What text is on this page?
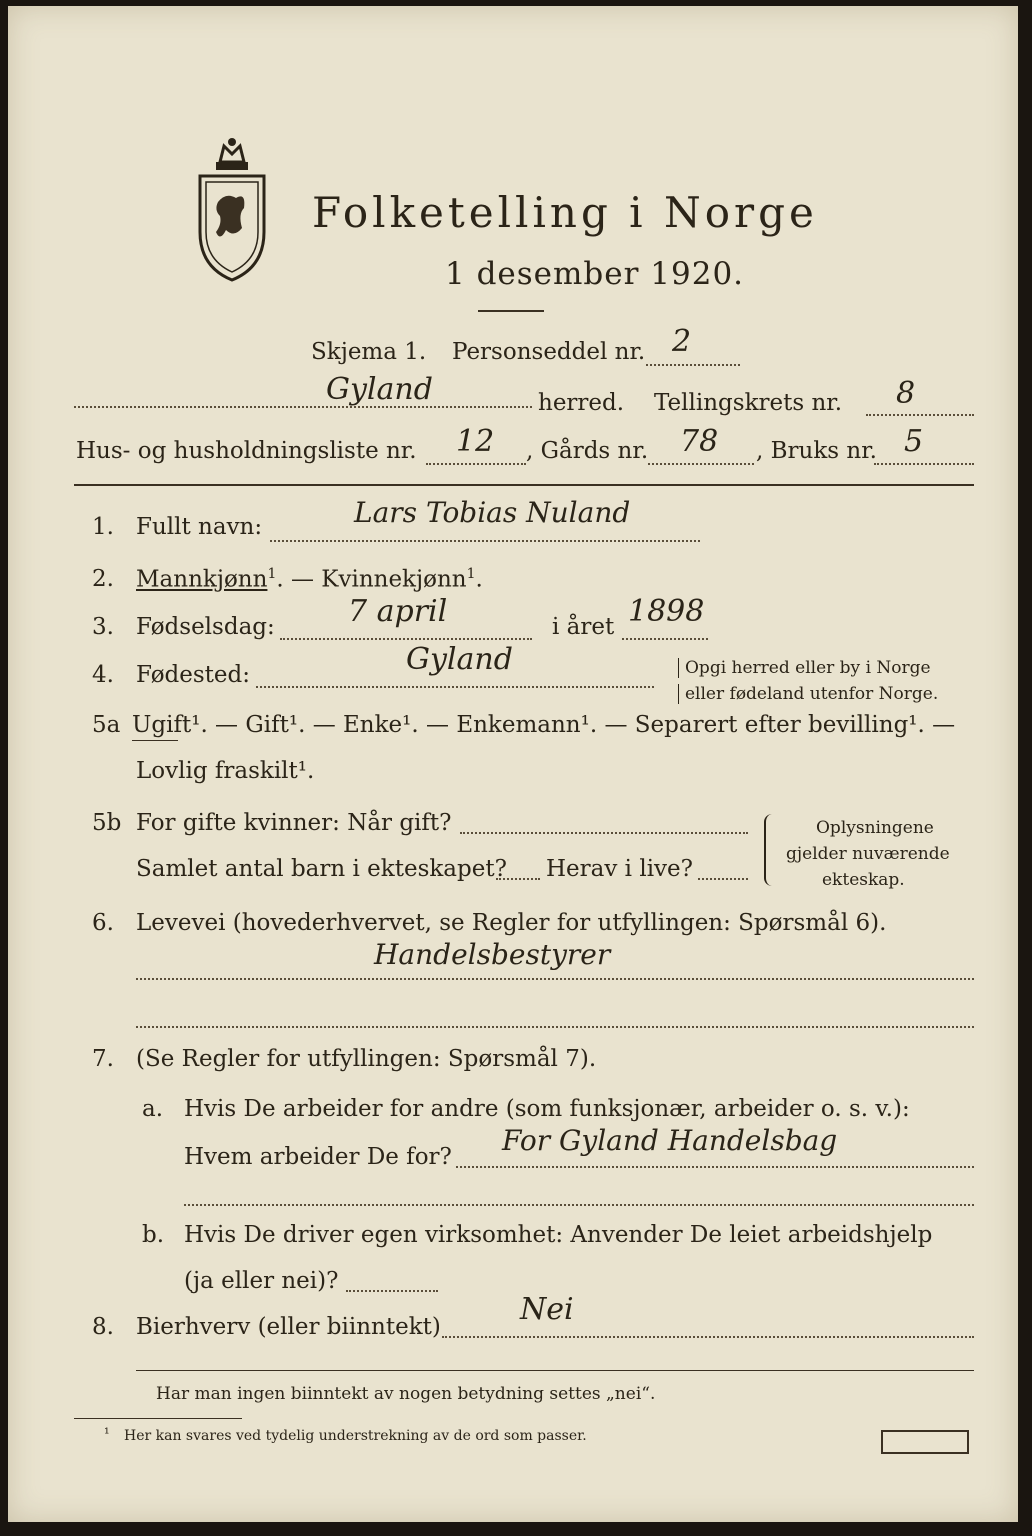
Folketelling i Norge
1 desember 1920.
Skjema 1. Personseddel nr. 2
Gyland	herred. Tellingskrets nr. 8
Hus- og husholdningsliste nr. 12 , Gårds nr. 78 , Bruks nr. 5
1. Fullt navn:	Lars Tobias Nuland
2. Mannkjønn$^1$. — Kvinnekjønn$^1$.
3. Fødselsdag: 7 april	i året 1898
4. Fødested:	Gyland	Opgi herred eller by i Norge
eller fødeland utenfor Norge.
5a Ugift¹. — Gift¹. — Enke¹. — Enkemann¹. — Separert efter bevilling¹. —
Lovlig fraskilt¹.
5b For gifte kvinner: Når gift?
Samlet antal barn i ekteskapet? Herav i live?
Oplysningene
gjelder nuværende
ekteskap.
6. Levevei (hovederhvervet, se Regler for utfyllingen: Spørsmål 6).
Handelsbestyrer
7. (Se Regler for utfyllingen: Spørsmål 7).
a. Hvis De arbeider for andre (som funksjonær, arbeider o. s. v.):
Hvem arbeider De for? For Gyland Handelsbag
b. Hvis De driver egen virksomhet: Anvender De leiet arbeidshjelp
(ja eller nei)?
8. Bierhverv (eller biinntekt)	Nei
Har man ingen biinntekt av nogen betydning settes „nei“.
¹ Her kan svares ved tydelig understrekning av de ord som passer.
